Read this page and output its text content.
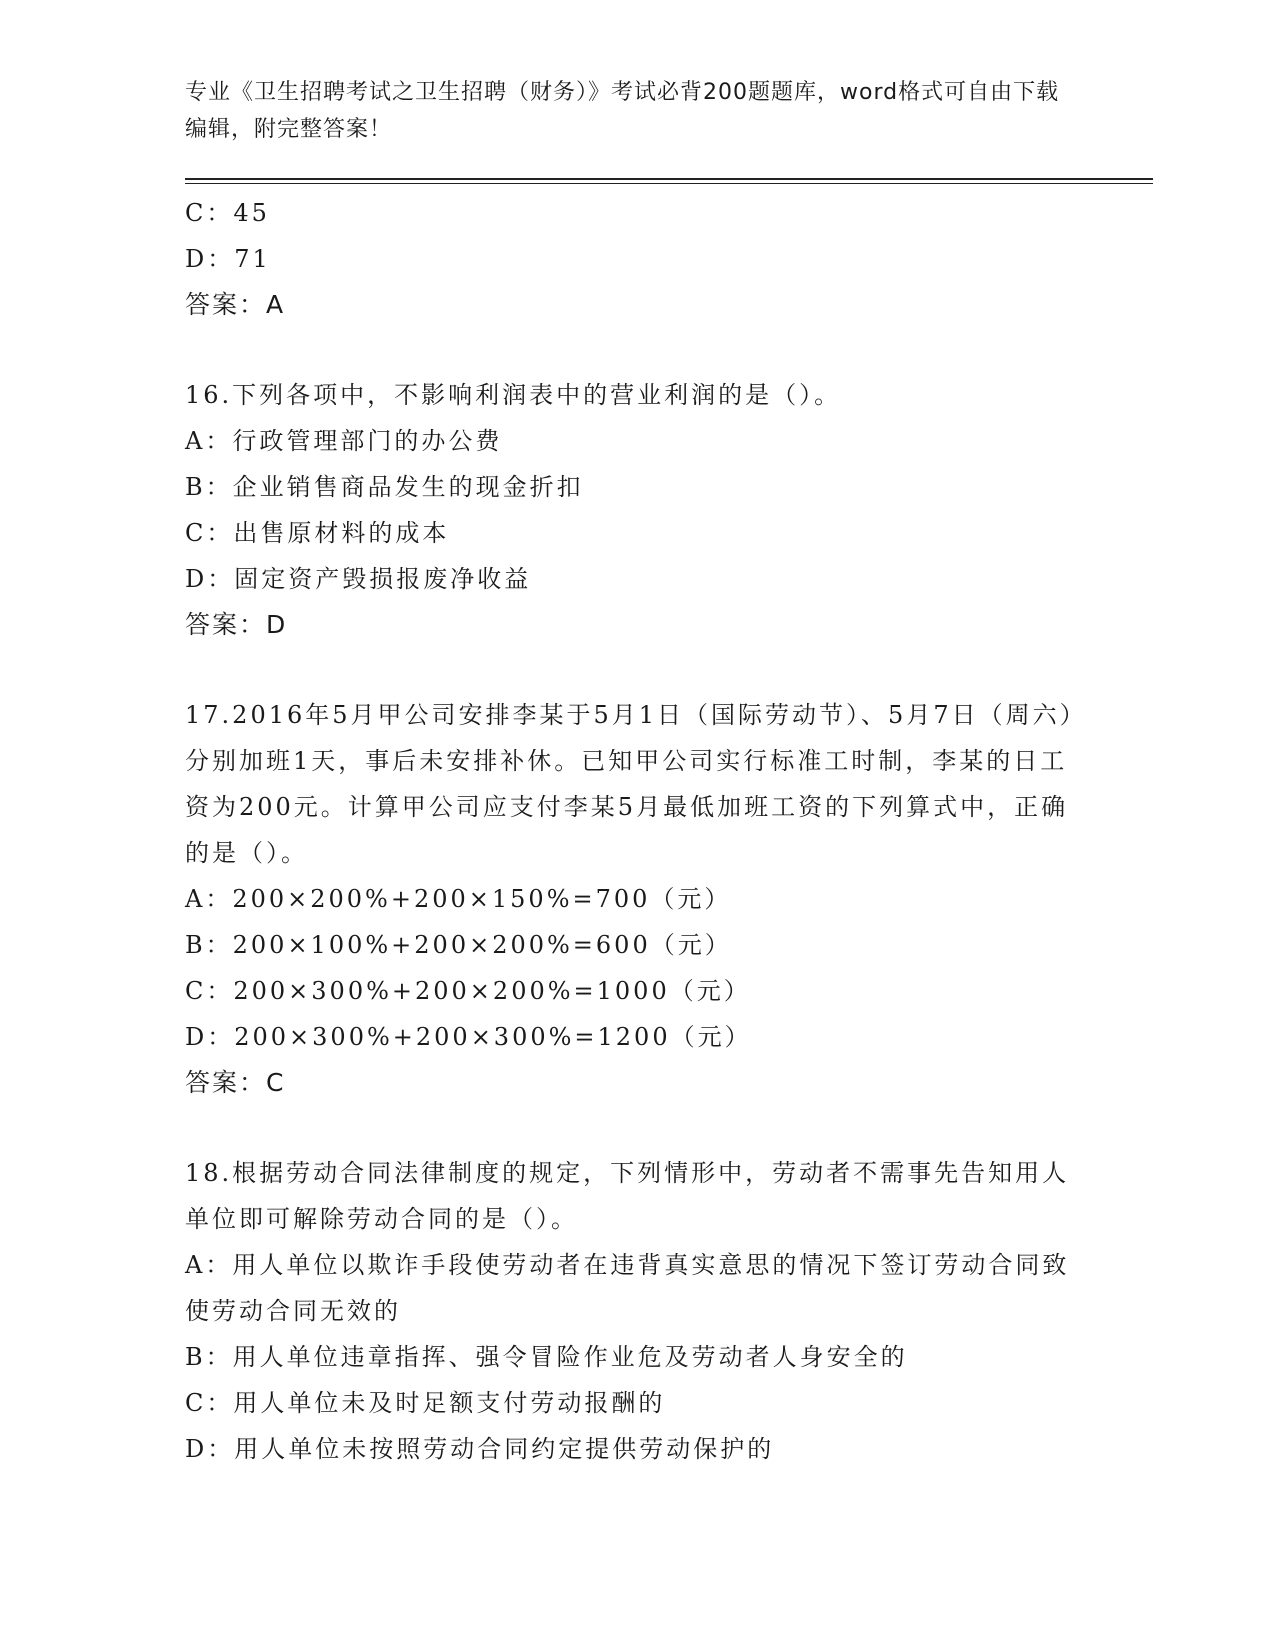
专业《卫生招聘考试之卫生招聘（财务）》考试必背200题题库，word格式可自由下载编辑，附完整答案！
C：45
D：71
答案：A
16.下列各项中，不影响利润表中的营业利润的是（）。
A：行政管理部门的办公费
B：企业销售商品发生的现金折扣
C：出售原材料的成本
D：固定资产毁损报废净收益
答案：D
17.2016年5月甲公司安排李某于5月1日（国际劳动节）、5月7日（周六）分别加班1天，事后未安排补休。已知甲公司实行标准工时制，李某的日工资为200元。计算甲公司应支付李某5月最低加班工资的下列算式中，正确的是（）。
A：200×200%+200×150%=700（元）
B：200×100%+200×200%=600（元）
C：200×300%+200×200%=1000（元）
D：200×300%+200×300%=1200（元）
答案：C
18.根据劳动合同法律制度的规定，下列情形中，劳动者不需事先告知用人单位即可解除劳动合同的是（）。
A：用人单位以欺诈手段使劳动者在违背真实意思的情况下签订劳动合同致使劳动合同无效的
B：用人单位违章指挥、强令冒险作业危及劳动者人身安全的
C：用人单位未及时足额支付劳动报酬的
D：用人单位未按照劳动合同约定提供劳动保护的
